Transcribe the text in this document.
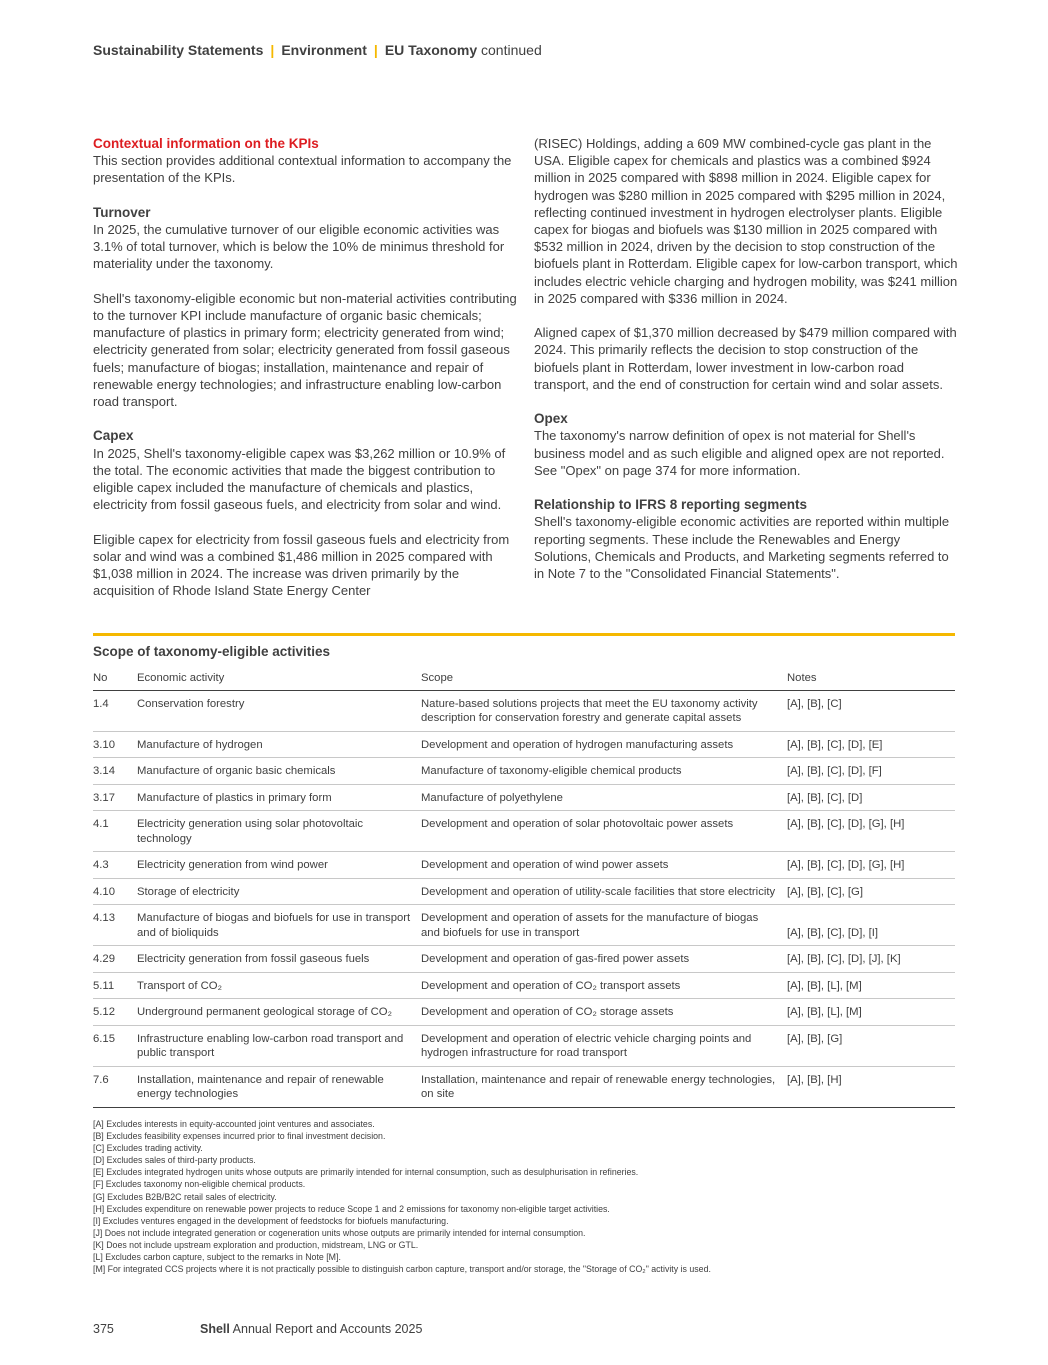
Sustainability Statements | Environment | EU Taxonomy continued
Contextual information on the KPIs

This section provides additional contextual information to accompany the presentation of the KPIs.

Turnover

In 2025, the cumulative turnover of our eligible economic activities was 3.1% of total turnover, which is below the 10% de minimus threshold for materiality under the taxonomy.

Shell's taxonomy-eligible economic but non-material activities contributing to the turnover KPI include manufacture of organic basic chemicals; manufacture of plastics in primary form; electricity generated from wind; electricity generated from solar; electricity generated from fossil gaseous fuels; manufacture of biogas; installation, maintenance and repair of renewable energy technologies; and infrastructure enabling low-carbon road transport.

Capex

In 2025, Shell's taxonomy-eligible capex was $3,262 million or 10.9% of the total. The economic activities that made the biggest contribution to eligible capex included the manufacture of chemicals and plastics, electricity from fossil gaseous fuels, and electricity from solar and wind.

Eligible capex for electricity from fossil gaseous fuels and electricity from solar and wind was a combined $1,486 million in 2025 compared with $1,038 million in 2024. The increase was driven primarily by the acquisition of Rhode Island State Energy Center

(RISEC) Holdings, adding a 609 MW combined-cycle gas plant in the USA. Eligible capex for chemicals and plastics was a combined $924 million in 2025 compared with $898 million in 2024. Eligible capex for hydrogen was $280 million in 2025 compared with $295 million in 2024, reflecting continued investment in hydrogen electrolyser plants. Eligible capex for biogas and biofuels was $130 million in 2025 compared with $532 million in 2024, driven by the decision to stop construction of the biofuels plant in Rotterdam. Eligible capex for low-carbon transport, which includes electric vehicle charging and hydrogen mobility, was $241 million in 2025 compared with $336 million in 2024.

Aligned capex of $1,370 million decreased by $479 million compared with 2024. This primarily reflects the decision to stop construction of the biofuels plant in Rotterdam, lower investment in low-carbon road transport, and the end of construction for certain wind and solar assets.

Opex

The taxonomy's narrow definition of opex is not material for Shell's business model and as such eligible and aligned opex are not reported. See "Opex" on page 374 for more information.

Relationship to IFRS 8 reporting segments

Shell's taxonomy-eligible economic activities are reported within multiple reporting segments. These include the Renewables and Energy Solutions, Chemicals and Products, and Marketing segments referred to in Note 7 to the "Consolidated Financial Statements".

Scope of taxonomy-eligible activities
No	Economic activity	Scope	Notes
1.4	Conservation forestry	Nature-based solutions projects that meet the EU taxonomy activity description for conservation forestry and generate capital assets	[A], [B], [C]
3.10	Manufacture of hydrogen	Development and operation of hydrogen manufacturing assets	[A], [B], [C], [D], [E]
3.14	Manufacture of organic basic chemicals	Manufacture of taxonomy-eligible chemical products	[A], [B], [C], [D], [F]
3.17	Manufacture of plastics in primary form	Manufacture of polyethylene	[A], [B], [C], [D]
4.1	Electricity generation using solar photovoltaic technology	Development and operation of solar photovoltaic power assets	[A], [B], [C], [D], [G], [H]
4.3	Electricity generation from wind power	Development and operation of wind power assets	[A], [B], [C], [D], [G], [H]
4.10	Storage of electricity	Development and operation of utility-scale facilities that store electricity	[A], [B], [C], [G]
4.13	Manufacture of biogas and biofuels for use in transport and of bioliquids	Development and operation of assets for the manufacture of biogas and biofuels for use in transport	[A], [B], [C], [D], [I]
4.29	Electricity generation from fossil gaseous fuels	Development and operation of gas-fired power assets	[A], [B], [C], [D], [J], [K]
5.11	Transport of CO₂	Development and operation of CO₂ transport assets	[A], [B], [L], [M]
5.12	Underground permanent geological storage of CO₂	Development and operation of CO₂ storage assets	[A], [B], [L], [M]
6.15	Infrastructure enabling low-carbon road transport and public transport	Development and operation of electric vehicle charging points and hydrogen infrastructure for road transport	[A], [B], [G]
7.6	Installation, maintenance and repair of renewable energy technologies	Installation, maintenance and repair of renewable energy technologies, on site	[A], [B], [H]
[A] Excludes interests in equity-accounted joint ventures and associates.
[B] Excludes feasibility expenses incurred prior to final investment decision.
[C] Excludes trading activity.
[D] Excludes sales of third-party products.
[E] Excludes integrated hydrogen units whose outputs are primarily intended for internal consumption, such as desulphurisation in refineries.
[F] Excludes taxonomy non-eligible chemical products.
[G] Excludes B2B/B2C retail sales of electricity.
[H] Excludes expenditure on renewable power projects to reduce Scope 1 and 2 emissions for taxonomy non-eligible target activities.
[I] Excludes ventures engaged in the development of feedstocks for biofuels manufacturing.
[J] Does not include integrated generation or cogeneration units whose outputs are primarily intended for internal consumption.
[K] Does not include upstream exploration and production, midstream, LNG or GTL.
[L] Excludes carbon capture, subject to the remarks in Note [M].
[M] For integrated CCS projects where it is not practically possible to distinguish carbon capture, transport and/or storage, the "Storage of CO₂" activity is used.
375	Shell Annual Report and Accounts 2025
